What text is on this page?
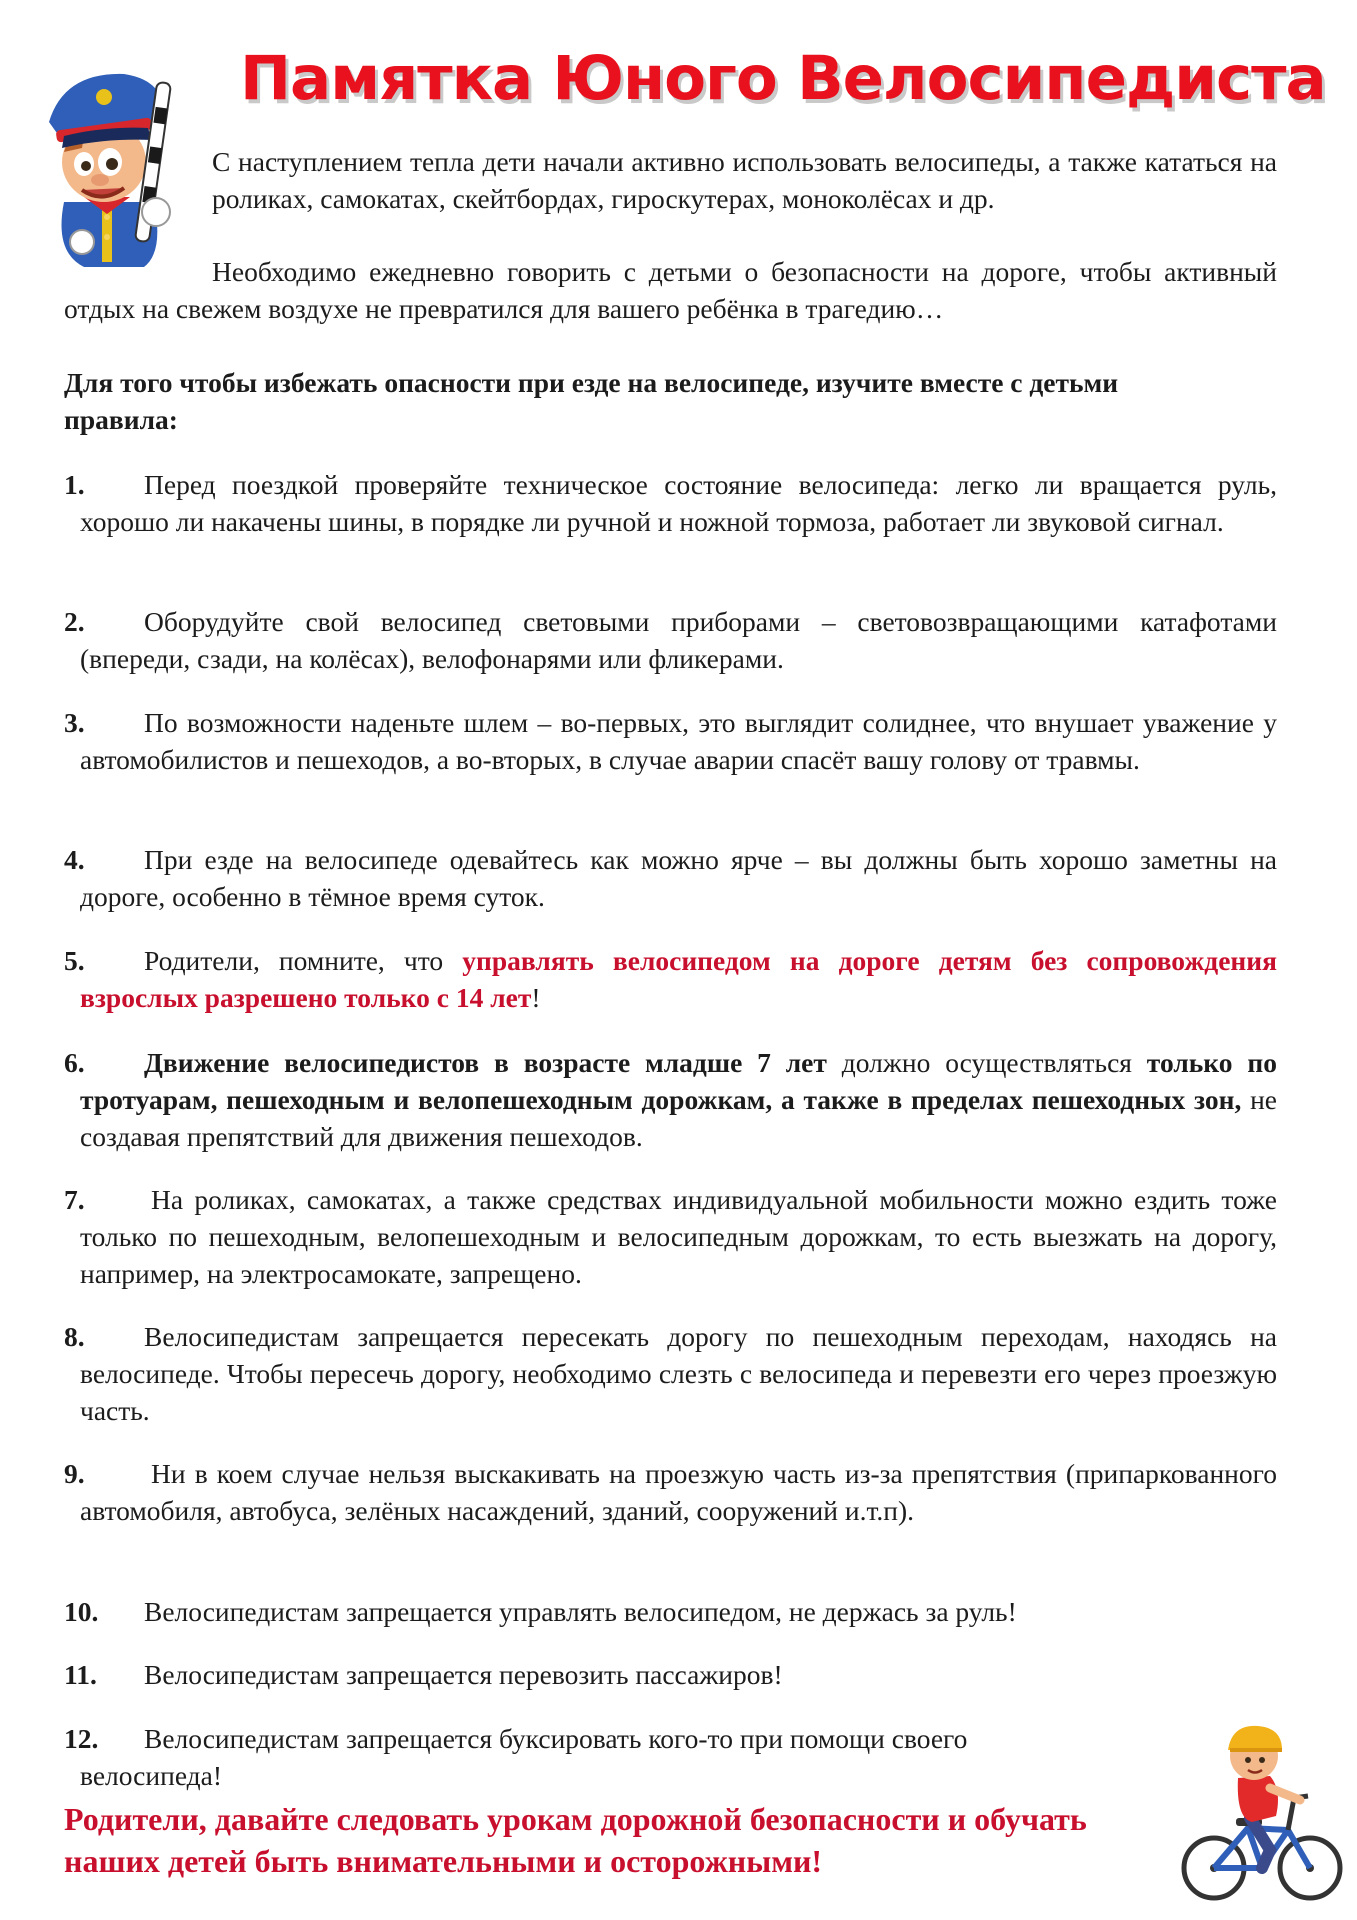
Памятка Юного Велосипедиста

С наступлением тепла дети начали активно использовать велосипеды, а также кататься на роликах, самокатах, скейтбордах, гироскутерах, моноколёсах и др.

Необходимо ежедневно говорить с детьми о безопасности на дороге, чтобы активный отдых на свежем воздухе не превратился для вашего ребёнка в трагедию…

Для того чтобы избежать опасности при езде на велосипеде, изучите вместе с детьми правила:

1. Перед поездкой проверяйте техническое состояние велосипеда: легко ли вращается руль, хорошо ли накачены шины, в порядке ли ручной и ножной тормоза, работает ли звуковой сигнал.
2. Оборудуйте свой велосипед световыми приборами – световозвращающими катафотами (впереди, сзади, на колёсах), велофонарями или фликерами.
3. По возможности наденьте шлем – во-первых, это выглядит солиднее, что внушает уважение у автомобилистов и пешеходов, а во-вторых, в случае аварии спасёт вашу голову от травмы.
4. При езде на велосипеде одевайтесь как можно ярче – вы должны быть хорошо заметны на дороге, особенно в тёмное время суток.
5. Родители, помните, что управлять велосипедом на дороге детям без сопровождения взрослых разрешено только с 14 лет!
6. Движение велосипедистов в возрасте младше 7 лет должно осуществляться только по тротуарам, пешеходным и велопешеходным дорожкам, а также в пределах пешеходных зон, не создавая препятствий для движения пешеходов.
7. На роликах, самокатах, а также средствах индивидуальной мобильности можно ездить тоже только по пешеходным, велопешеходным и велосипедным дорожкам, то есть выезжать на дорогу, например, на электросамокате, запрещено.
8. Велосипедистам запрещается пересекать дорогу по пешеходным переходам, находясь на велосипеде. Чтобы пересечь дорогу, необходимо слезть с велосипеда и перевезти его через проезжую часть.
9. Ни в коем случае нельзя выскакивать на проезжую часть из-за препятствия (припаркованного автомобиля, автобуса, зелёных насаждений, зданий, сооружений и.т.п).
10. Велосипедистам запрещается управлять велосипедом, не держась за руль!
11. Велосипедистам запрещается перевозить пассажиров!
12. Велосипедистам запрещается буксировать кого-то при помощи своего велосипеда!
Родители, давайте следовать урокам дорожной безопасности и обучать наших детей быть внимательными и осторожными!
